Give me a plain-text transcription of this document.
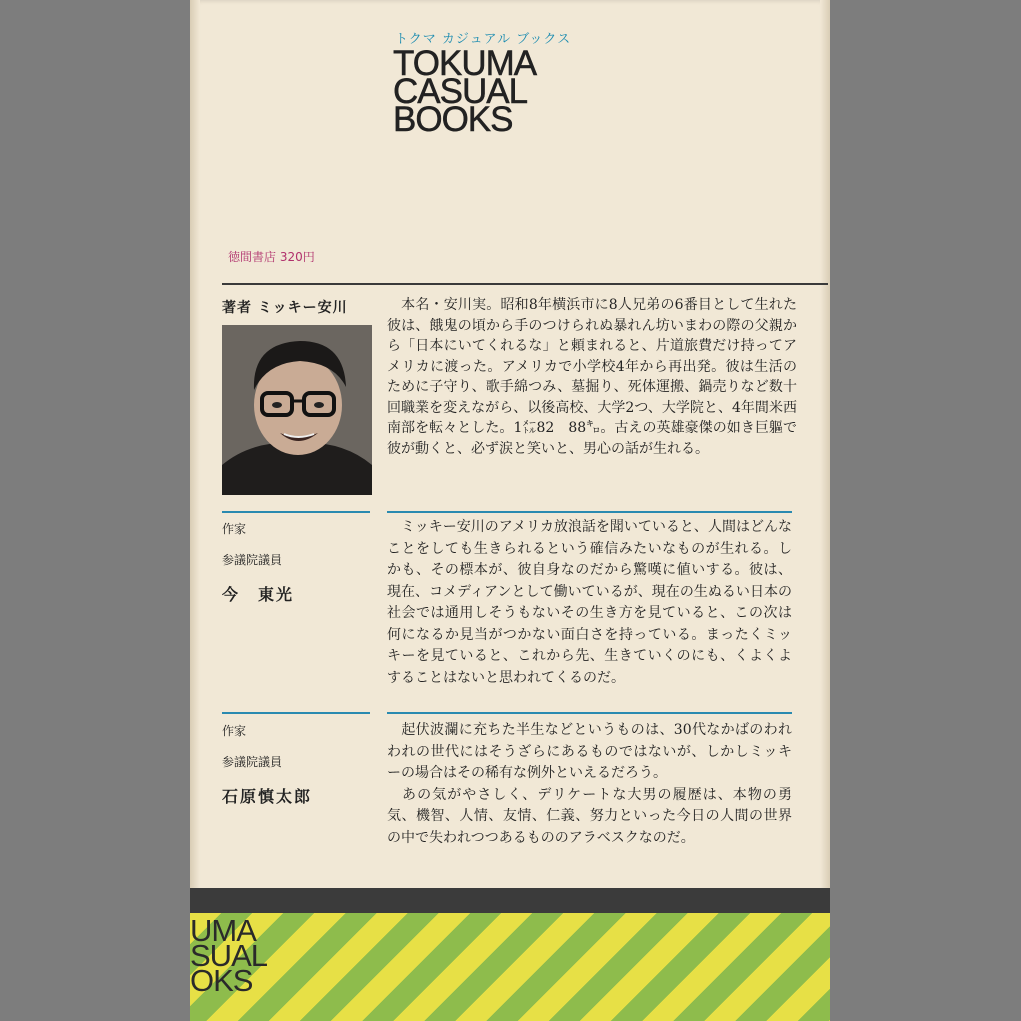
トクマ カジュアル ブックス
TOKUMA
CASUAL
BOOKS
徳間書店 320円
著者 ミッキー安川	　本名・安川実。昭和8年横浜市に8人兄弟の6番目として生れた彼は、餓鬼の頃から手のつけられぬ暴れん坊いまわの際の父親から「日本にいてくれるな」と頼まれると、片道旅費だけ持ってアメリカに渡った。アメリカで小学校4年から再出発。彼は生活のために子守り、歌手綿つみ、墓掘り、死体運搬、鍋売りなど数十回職業を変えながら、以後高校、大学2つ、大学院と、4年間米西南部を転々とした。1㍍82　88㌔。古えの英雄豪傑の如き巨軀で彼が動くと、必ず涙と笑いと、男心の話が生れる。
作家
参議院議員
今　東光
　ミッキー安川のアメリカ放浪話を聞いていると、人間はどんなことをしても生きられるという確信みたいなものが生れる。しかも、その標本が、彼自身なのだから驚嘆に値いする。彼は、現在、コメディアンとして働いているが、現在の生ぬるい日本の社会では通用しそうもないその生き方を見ていると、この次は何になるか見当がつかない面白さを持っている。まったくミッキーを見ていると、これから先、生きていくのにも、くよくよすることはないと思われてくるのだ。
作家
参議院議員
石原慎太郎
　起伏波瀾に充ちた半生などというものは、30代なかばのわれわれの世代にはそうざらにあるものではないが、しかしミッキーの場合はその稀有な例外といえるだろう。
　あの気がやさしく、デリケートな大男の履歴は、本物の勇気、機智、人情、友情、仁義、努力といった今日の人間の世界の中で失われつつあるもののアラベスクなのだ。
UMA
SUAL
OKS
